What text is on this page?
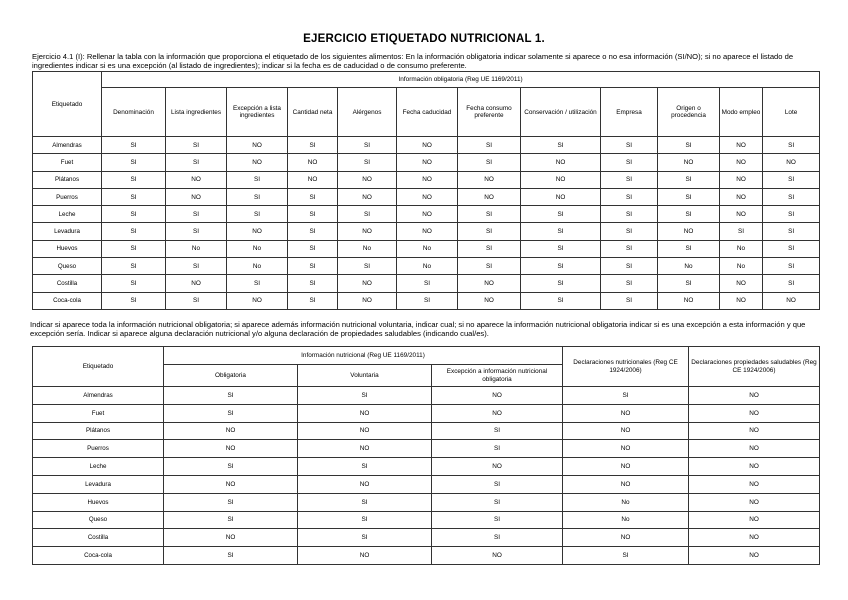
EJERCICIO ETIQUETADO NUTRICIONAL 1.
Ejercicio 4.1 (I): Rellenar la tabla con la información que proporciona el etiquetado de los siguientes alimentos: En la información obligatoria indicar solamente si aparece o no esa información (SI/NO); si no aparece el listado de ingredientes indicar si es una excepción (al listado de ingredientes); indicar si la fecha es de caducidad o de consumo preferente.
Etiquetado	Información obligatoria (Reg UE 1169/2011)											
	Denominación	Lista ingredientes	Excepción a lista ingredientes	Cantidad neta	Alérgenos	Fecha caducidad	Fecha consumo preferente	Conservación / utilización	Empresa	Origen o procedencia	Modo empleo	Lote
Almendras	SI	SI	NO	SI	SI	NO	SI	SI	SI	SI	NO	SI
Fuet	SI	SI	NO	NO	SI	NO	SI	NO	SI	NO	NO	NO
Plátanos	SI	NO	SI	NO	NO	NO	NO	NO	SI	SI	NO	SI
Puerros	SI	NO	SI	SI	NO	NO	NO	NO	SI	SI	NO	SI
Leche	SI	SI	SI	SI	SI	NO	SI	SI	SI	SI	NO	SI
Levadura	SI	SI	NO	SI	NO	NO	SI	SI	SI	NO	SI	SI
Huevos	SI	No	No	SI	No	No	SI	SI	SI	SI	No	SI
Queso	SI	SI	No	SI	SI	No	SI	SI	SI	No	No	SI
Costilla	SI	NO	SI	SI	NO	SI	NO	SI	SI	SI	NO	SI
Coca-cola	SI	SI	NO	SI	NO	SI	NO	SI	SI	NO	NO	NO
Indicar si aparece toda la información nutricional obligatoria; si aparece además información nutricional voluntaria, indicar cual; si no aparece la información nutricional obligatoria indicar si es una excepción a esta información y que excepción sería. Indicar si aparece alguna declaración nutricional y/o alguna declaración de propiedades saludables (indicando cual/es).
Etiquetado	Información nutricional (Reg UE 1169/2011)			Declaraciones nutricionales (Reg CE 1924/2006)	Declaraciones propiedades saludables (Reg CE 1924/2006)
	Obligatoria	Voluntaria	Excepción a información nutricional obligatoria		
Almendras	SI	SI	NO	SI	NO
Fuet	SI	NO	NO	NO	NO
Plátanos	NO	NO	SI	NO	NO
Puerros	NO	NO	SI	NO	NO
Leche	SI	SI	NO	NO	NO
Levadura	NO	NO	SI	NO	NO
Huevos	SI	SI	SI	No	NO
Queso	SI	SI	SI	No	NO
Costilla	NO	SI	SI	NO	NO
Coca-cola	SI	NO	NO	SI	NO
